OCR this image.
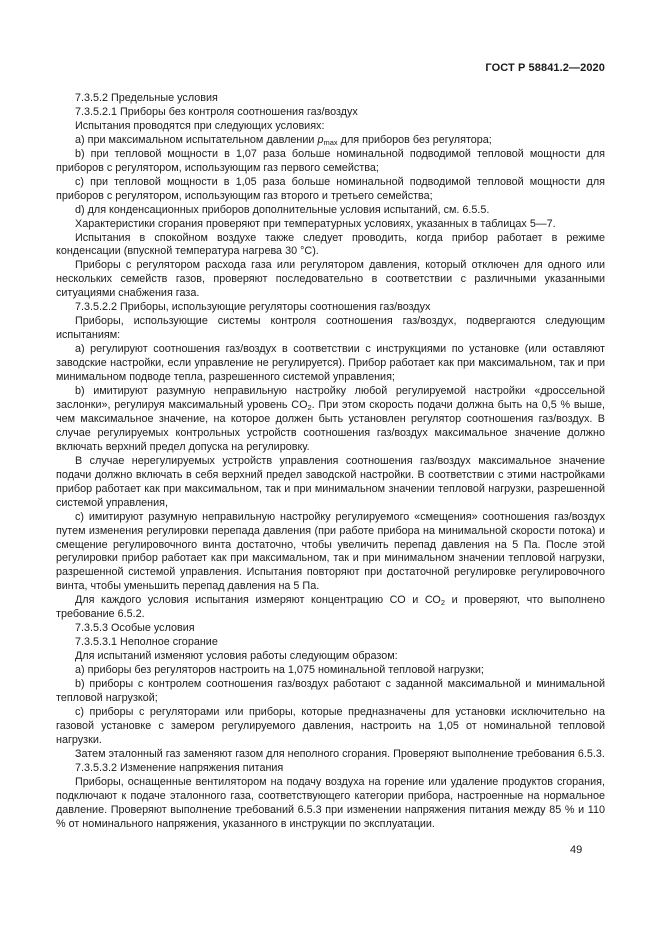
ГОСТ Р 58841.2—2020

7.3.5.2 Предельные условия

7.3.5.2.1 Приборы без контроля соотношения газ/воздух

Испытания проводятся при следующих условиях:

а) при максимальном испытательном давлении $p_{max}$ для приборов без регулятора;

b) при тепловой мощности в 1,07 раза больше номинальной подводимой тепловой мощности для приборов с регулятором, использующим газ первого семейства;

c) при тепловой мощности в 1,05 раза больше номинальной подводимой тепловой мощности для приборов с регулятором, использующим газ второго и третьего семейства;

d) для конденсационных приборов дополнительные условия испытаний, см. 6.5.5.

Характеристики сгорания проверяют при температурных условиях, указанных в таблицах 5—7.

Испытания в спокойном воздухе также следует проводить, когда прибор работает в режиме конденсации (впускной температура нагрева 30 °С).

Приборы с регулятором расхода газа или регулятором давления, который отключен для одного или нескольких семейств газов, проверяют последовательно в соответствии с различными указанными ситуациями снабжения газа.

7.3.5.2.2 Приборы, использующие регуляторы соотношения газ/воздух

Приборы, использующие системы контроля соотношения газ/воздух, подвергаются следующим испытаниям:

а) регулируют соотношения газ/воздух в соответствии с инструкциями по установке (или оставляют заводские настройки, если управление не регулируется). Прибор работает как при максимальном, так и при минимальном подводе тепла, разрешенного системой управления;

b) имитируют разумную неправильную настройку любой регулируемой настройки «дроссельной заслонки», регулируя максимальный уровень $CO_2$. При этом скорость подачи должна быть на 0,5 % выше, чем максимальное значение, на которое должен быть установлен регулятор соотношения газ/воздух. В случае регулируемых контрольных устройств соотношения газ/воздух максимальное значение должно включать верхний предел допуска на регулировку.

В случае нерегулируемых устройств управления соотношения газ/воздух максимальное значение подачи должно включать в себя верхний предел заводской настройки. В соответствии с этими настройками прибор работает как при максимальном, так и при минимальном значении тепловой нагрузки, разрешенной системой управления,

с) имитируют разумную неправильную настройку регулируемого «смещения» соотношения газ/воздух путем изменения регулировки перепада давления (при работе прибора на минимальной скорости потока) и смещение регулировочного винта достаточно, чтобы увеличить перепад давления на 5 Па. После этой регулировки прибор работает как при максимальном, так и при минимальном значении тепловой нагрузки, разрешенной системой управления. Испытания повторяют при достаточной регулировке регулировочного винта, чтобы уменьшить перепад давления на 5 Па.

Для каждого условия испытания измеряют концентрацию СО и $СО_2$ и проверяют, что выполнено требование 6.5.2.

7.3.5.3 Особые условия

7.3.5.3.1 Неполное сгорание

Для испытаний изменяют условия работы следующим образом:

а) приборы без регуляторов настроить на 1,075 номинальной тепловой нагрузки;

b) приборы с контролем соотношения газ/воздух работают с заданной максимальной и минимальной тепловой нагрузкой;

c) приборы с регуляторами или приборы, которые предназначены для установки исключительно на газовой установке с замером регулируемого давления, настроить на 1,05 от номинальной тепловой нагрузки.

Затем эталонный газ заменяют газом для неполного сгорания. Проверяют выполнение требования 6.5.3.

7.3.5.3.2 Изменение напряжения питания

Приборы, оснащенные вентилятором на подачу воздуха на горение или удаление продуктов сгорания, подключают к подаче эталонного газа, соответствующего категории прибора, настроенные на нормальное давление. Проверяют выполнение требований 6.5.3 при изменении напряжения питания между 85 % и 110 % от номинального напряжения, указанного в инструкции по эксплуатации.

49
